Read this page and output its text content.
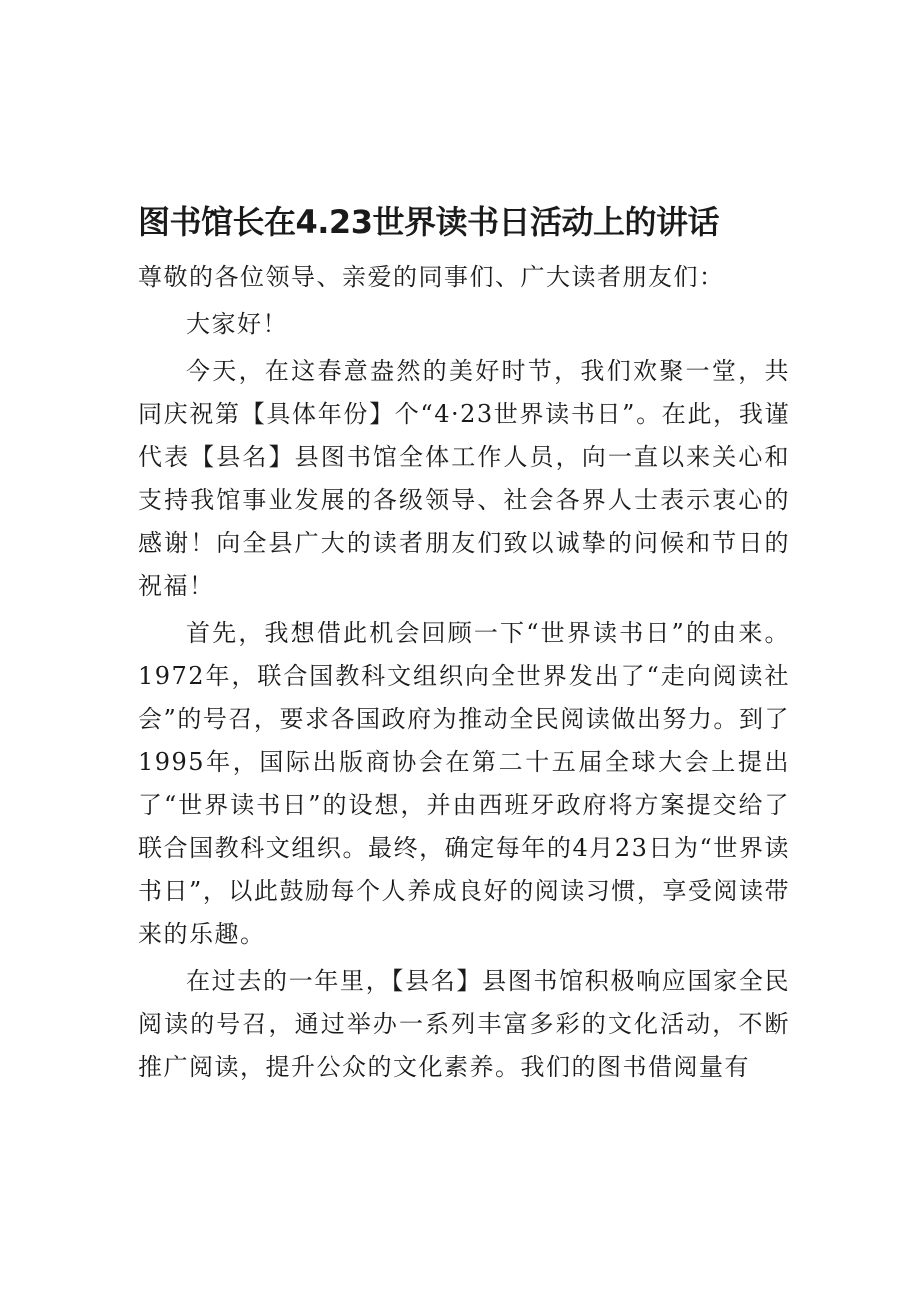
图书馆长在4.23世界读书日活动上的讲话

尊敬的各位领导、亲爱的同事们、广大读者朋友们：

大家好！

今天，在这春意盎然的美好时节，我们欢聚一堂，共同庆祝第【具体年份】个“4·23世界读书日”。在此，我谨代表【县名】县图书馆全体工作人员，向一直以来关心和支持我馆事业发展的各级领导、社会各界人士表示衷心的感谢！向全县广大的读者朋友们致以诚挚的问候和节日的祝福！

首先，我想借此机会回顾一下“世界读书日”的由来。1972年，联合国教科文组织向全世界发出了“走向阅读社会”的号召，要求各国政府为推动全民阅读做出努力。到了1995年，国际出版商协会在第二十五届全球大会上提出了“世界读书日”的设想，并由西班牙政府将方案提交给了联合国教科文组织。最终，确定每年的4月23日为“世界读书日”，以此鼓励每个人养成良好的阅读习惯，享受阅读带来的乐趣。

在过去的一年里，【县名】县图书馆积极响应国家全民阅读的号召，通过举办一系列丰富多彩的文化活动，不断推广阅读，提升公众的文化素养。我们的图书借阅量有
